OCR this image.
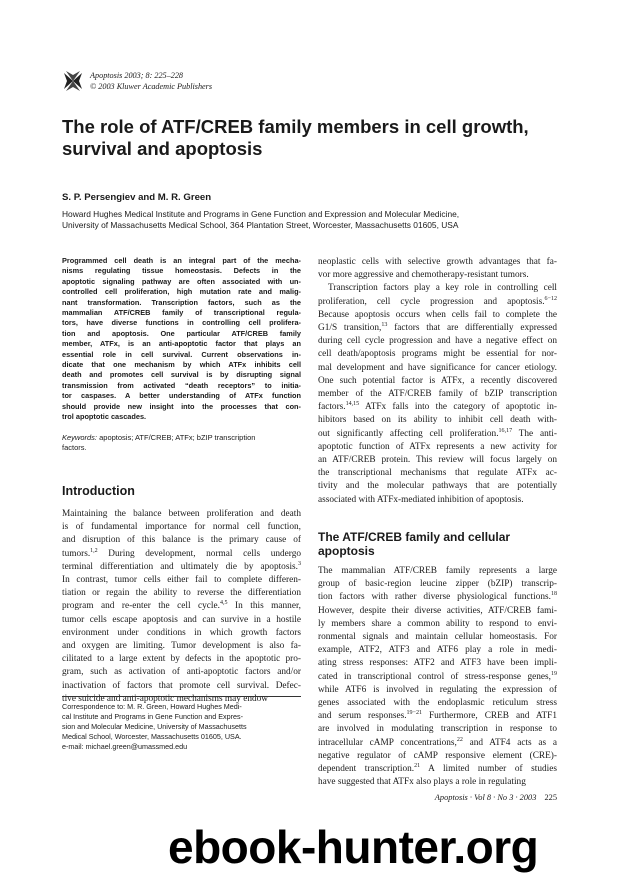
Apoptosis 2003; 8: 225–228
© 2003 Kluwer Academic Publishers
The role of ATF/CREB family members in cell growth,
survival and apoptosis
S. P. Persengiev and M. R. Green
Howard Hughes Medical Institute and Programs in Gene Function and Expression and Molecular Medicine,
University of Massachusetts Medical School, 364 Plantation Street, Worcester, Massachusetts 01605, USA
Programmed cell death is an integral part of the mecha-
nisms regulating tissue homeostasis. Defects in the
apoptotic signaling pathway are often associated with un-
controlled cell proliferation, high mutation rate and malig-
nant transformation. Transcription factors, such as the
mammalian ATF/CREB family of transcriptional regula-
tors, have diverse functions in controlling cell prolifera-
tion and apoptosis. One particular ATF/CREB family
member, ATFx, is an anti-apoptotic factor that plays an
essential role in cell survival. Current observations in-
dicate that one mechanism by which ATFx inhibits cell
death and promotes cell survival is by disrupting signal
transmission from activated “death receptors” to initia-
tor caspases. A better understanding of ATFx function
should provide new insight into the processes that con-
trol apoptotic cascades.
Keywords: apoptosis; ATF/CREB; ATFx; bZIP transcription
factors.
Introduction
Maintaining the balance between proliferation and death
is of fundamental importance for normal cell function,
and disruption of this balance is the primary cause of
tumors.$^{1,2}$ During development, normal cells undergo
terminal differentiation and ultimately die by apoptosis.$^3$
In contrast, tumor cells either fail to complete differen-
tiation or regain the ability to reverse the differentiation
program and re-enter the cell cycle.$^{4,5}$ In this manner,
tumor cells escape apoptosis and can survive in a hostile
environment under conditions in which growth factors
and oxygen are limiting. Tumor development is also fa-
cilitated to a large extent by defects in the apoptotic pro-
gram, such as activation of anti-apoptotic factors and/or
inactivation of factors that promote cell survival. Defec-
tive suicide and anti-apoptotic mechanisms may endow
Correspondence to: M. R. Green, Howard Hughes Medi-
cal Institute and Programs in Gene Function and Expres-
sion and Molecular Medicine, University of Massachusetts
Medical School, Worcester, Massachusetts 01605, USA.
e-mail: michael.green@umassmed.edu
neoplastic cells with selective growth advantages that fa-
vor more aggressive and chemotherapy-resistant tumors.
Transcription factors play a key role in controlling cell
proliferation, cell cycle progression and apoptosis.$^{6-12}$
Because apoptosis occurs when cells fail to complete the
G1/S transition,$^{13}$ factors that are differentially expressed
during cell cycle progression and have a negative effect on
cell death/apoptosis programs might be essential for nor-
mal development and have significance for cancer etiology.
One such potential factor is ATFx, a recently discovered
member of the ATF/CREB family of bZIP transcription
factors.$^{14,15}$ ATFx falls into the category of apoptotic in-
hibitors based on its ability to inhibit cell death with-
out significantly affecting cell proliferation.$^{16,17}$ The anti-
apoptotic function of ATFx represents a new activity for
an ATF/CREB protein. This review will focus largely on
the transcriptional mechanisms that regulate ATFx ac-
tivity and the molecular pathways that are potentially
associated with ATFx-mediated inhibition of apoptosis.
The ATF/CREB family and cellular
apoptosis
The mammalian ATF/CREB family represents a large
group of basic-region leucine zipper (bZIP) transcrip-
tion factors with rather diverse physiological functions.$^{18}$
However, despite their diverse activities, ATF/CREB fami-
ly members share a common ability to respond to envi-
ronmental signals and maintain cellular homeostasis. For
example, ATF2, ATF3 and ATF6 play a role in medi-
ating stress responses: ATF2 and ATF3 have been impli-
cated in transcriptional control of stress-response genes,$^{19}$
while ATF6 is involved in regulating the expression of
genes associated with the endoplasmic reticulum stress
and serum responses.$^{19-21}$ Furthermore, CREB and ATF1
are involved in modulating transcription in response to
intracellular cAMP concentrations,$^{22}$ and ATF4 acts as a
negative regulator of cAMP responsive element (CRE)-
dependent transcription.$^{21}$ A limited number of studies
have suggested that ATFx also plays a role in regulating
Apoptosis · Vol 8 · No 3 · 2003 225
ebook-hunter.org
